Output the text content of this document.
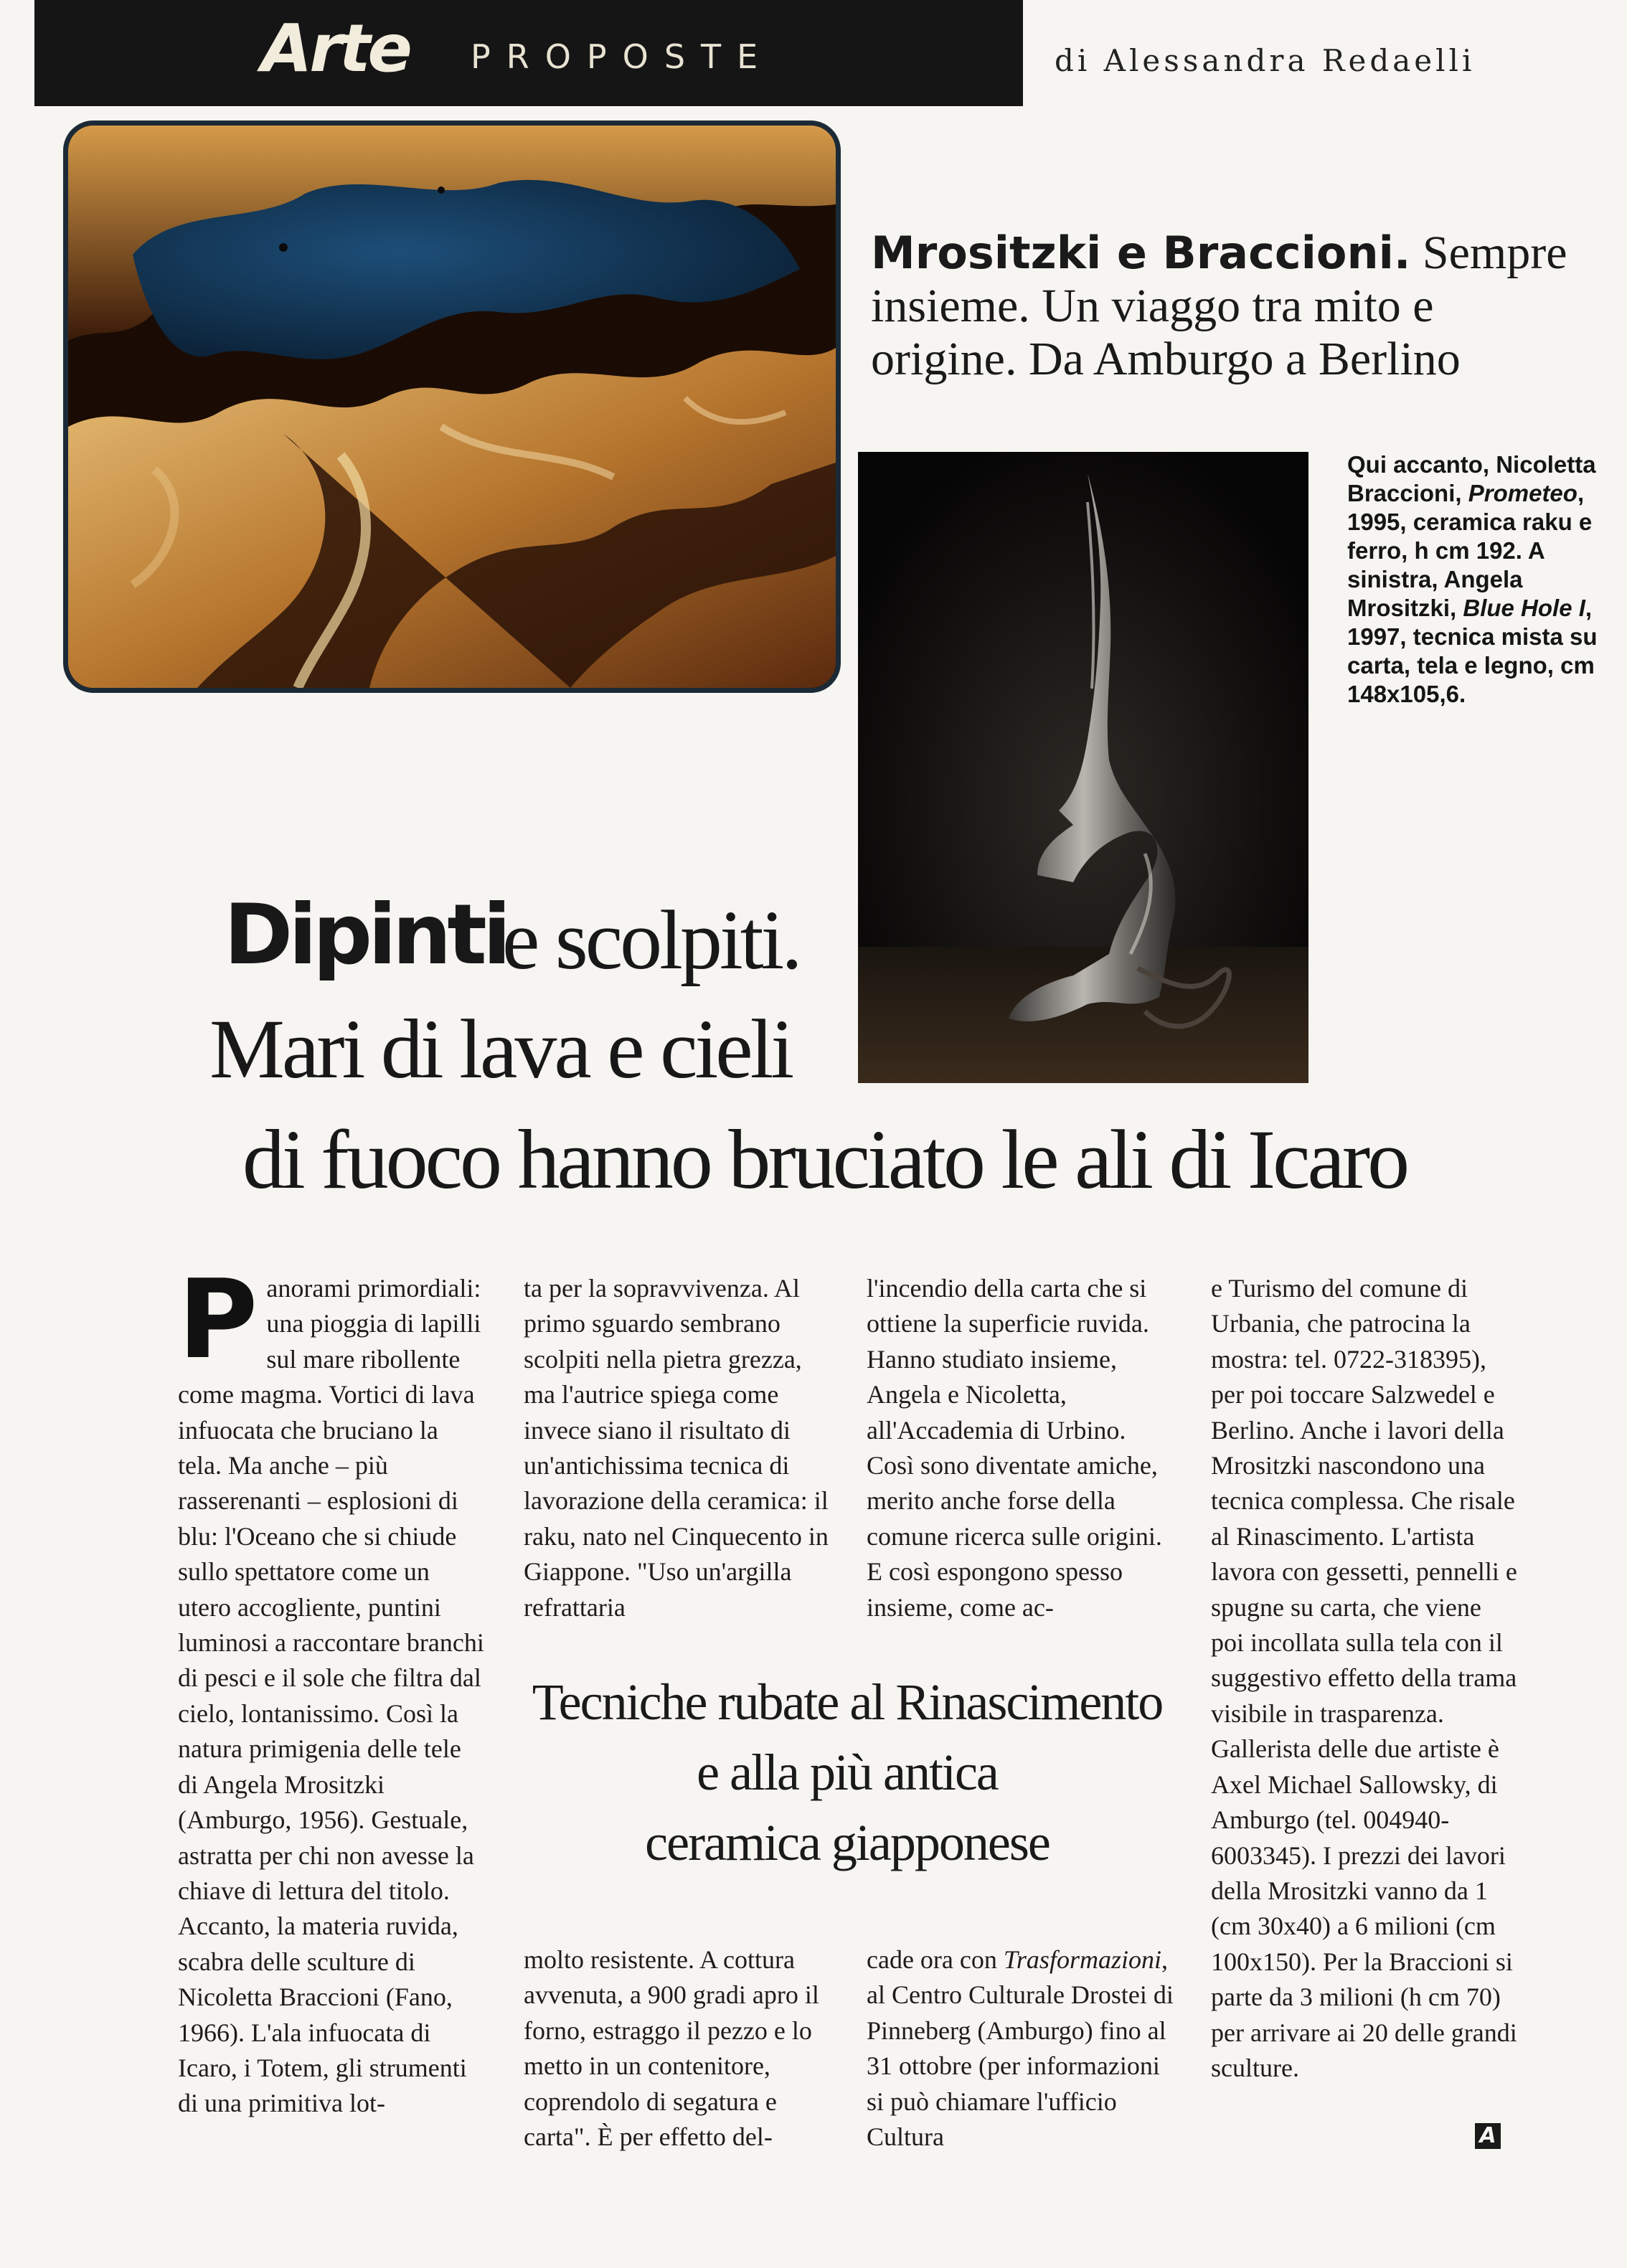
Arte PROPOSTE	di Alessandra Redaelli
Mrositzki e Braccioni. Sempre insieme. Un viaggo tra mito e origine. Da Amburgo a Berlino
Qui accanto, Nicoletta Braccioni, Prometeo, 1995, ceramica raku e ferro, h cm 192. A sinistra, Angela Mrositzki, Blue Hole I, 1997, tecnica mista su carta, tela e legno, cm 148x105,6.
Dipinti
e scolpiti.
Mari di lava e cieli
di fuoco hanno bruciato le ali di Icaro

Panorami primordiali: una pioggia di lapilli sul mare ribollente come magma. Vortici di lava infuocata che bruciano la tela. Ma anche – più rasserenanti – esplosioni di blu: l'Oceano che si chiude sullo spettatore come un utero accogliente, puntini luminosi a raccontare branchi di pesci e il sole che filtra dal cielo, lontanissimo. Così la natura primigenia delle tele di Angela Mrositzki (Amburgo, 1956). Gestuale, astratta per chi non avesse la chiave di lettura del titolo. Accanto, la materia ruvida, scabra delle sculture di Nicoletta Braccioni (Fano, 1966). L'ala infuocata di Icaro, i Totem, gli strumenti di una primitiva lot-

ta per la sopravvivenza. Al primo sguardo sembrano scolpiti nella pietra grezza, ma l'autrice spiega come invece siano il risultato di un'antichissima tecnica di lavorazione della ceramica: il raku, nato nel Cinquecento in Giappone. "Uso un'argilla refrattaria

l'incendio della carta che si ottiene la superficie ruvida. Hanno studiato insieme, Angela e Nicoletta, all'Accademia di Urbino. Così sono diventate amiche, merito anche forse della comune ricerca sulle origini. E così espongono spesso insieme, come ac-

e Turismo del comune di Urbania, che patrocina la mostra: tel. 0722-318395), per poi toccare Salzwedel e Berlino. Anche i lavori della Mrositzki nascondono una tecnica complessa. Che risale al Rinascimento. L'artista lavora con gessetti, pennelli e spugne su carta, che viene poi incollata sulla tela con il suggestivo effetto della trama visibile in trasparenza. Gallerista delle due artiste è Axel Michael Sallowsky, di Amburgo (tel. 004940-6003345). I prezzi dei lavori della Mrositzki vanno da 1 (cm 30x40) a 6 milioni (cm 100x150). Per la Braccioni si parte da 3 milioni (h cm 70) per arrivare ai 20 delle grandi sculture.

Tecniche rubate al Rinascimento
e alla più antica
ceramica giapponese

molto resistente. A cottura avvenuta, a 900 gradi apro il forno, estraggo il pezzo e lo metto in un contenitore, coprendolo di segatura e carta". È per effetto del-

cade ora con Trasformazioni, al Centro Culturale Drostei di Pinneberg (Amburgo) fino al 31 ottobre (per informazioni si può chiamare l'ufficio Cultura	A
